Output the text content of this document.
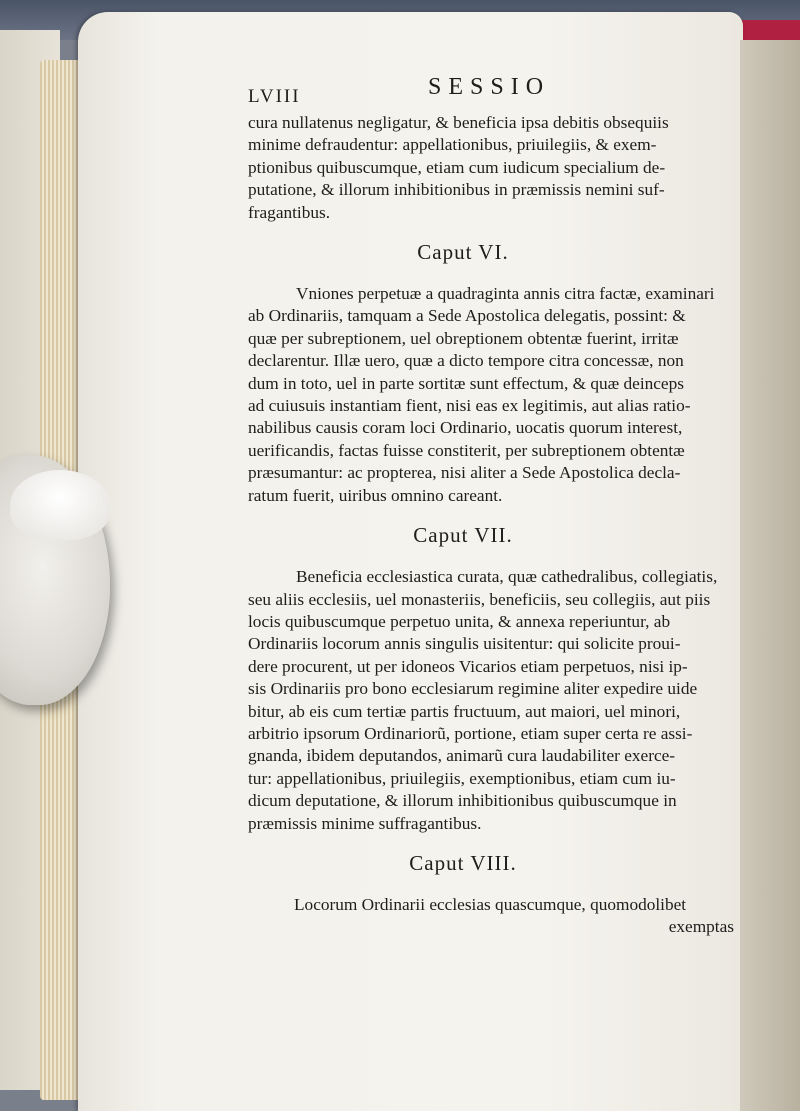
LVIII	SESSIO
cura nullatenus negligatur, & beneficia ipsa debitis obsequiis
minime defraudentur: appellationibus, priuilegiis, & exem-
ptionibus quibuscumque, etiam cum iudicum specialium de-
putatione, & illorum inhibitionibus in præmissis nemini suf-
fragantibus.
Caput VI.
Vniones perpetuæ a quadraginta annis citra factæ, examinari
ab Ordinariis, tamquam a Sede Apostolica delegatis, possint: &
quæ per subreptionem, uel obreptionem obtentæ fuerint, irritæ
declarentur. Illæ uero, quæ a dicto tempore citra concessæ, non
dum in toto, uel in parte sortitæ sunt effectum, & quæ deinceps
ad cuiusuis instantiam fient, nisi eas ex legitimis, aut alias ratio-
nabilibus causis coram loci Ordinario, uocatis quorum interest,
uerificandis, factas fuisse constiterit, per subreptionem obtentæ
præsumantur: ac propterea, nisi aliter a Sede Apostolica decla-
ratum fuerit, uiribus omnino careant.
Caput VII.
Beneficia ecclesiastica curata, quæ cathedralibus, collegiatis,
seu aliis ecclesiis, uel monasteriis, beneficiis, seu collegiis, aut piis
locis quibuscumque perpetuo unita, & annexa reperiuntur, ab
Ordinariis locorum annis singulis uisitentur: qui solicite proui-
dere procurent, ut per idoneos Vicarios etiam perpetuos, nisi ip-
sis Ordinariis pro bono ecclesiarum regimine aliter expedire uide
bitur, ab eis cum tertiæ partis fructuum, aut maiori, uel minori,
arbitrio ipsorum Ordinariorũ, portione, etiam super certa re assi-
gnanda, ibidem deputandos, animarũ cura laudabiliter exerce-
tur: appellationibus, priuilegiis, exemptionibus, etiam cum iu-
dicum deputatione, & illorum inhibitionibus quibuscumque in
præmissis minime suffragantibus.
Caput VIII.
Locorum Ordinarii ecclesias quascumque, quomodolibet
exemptas
